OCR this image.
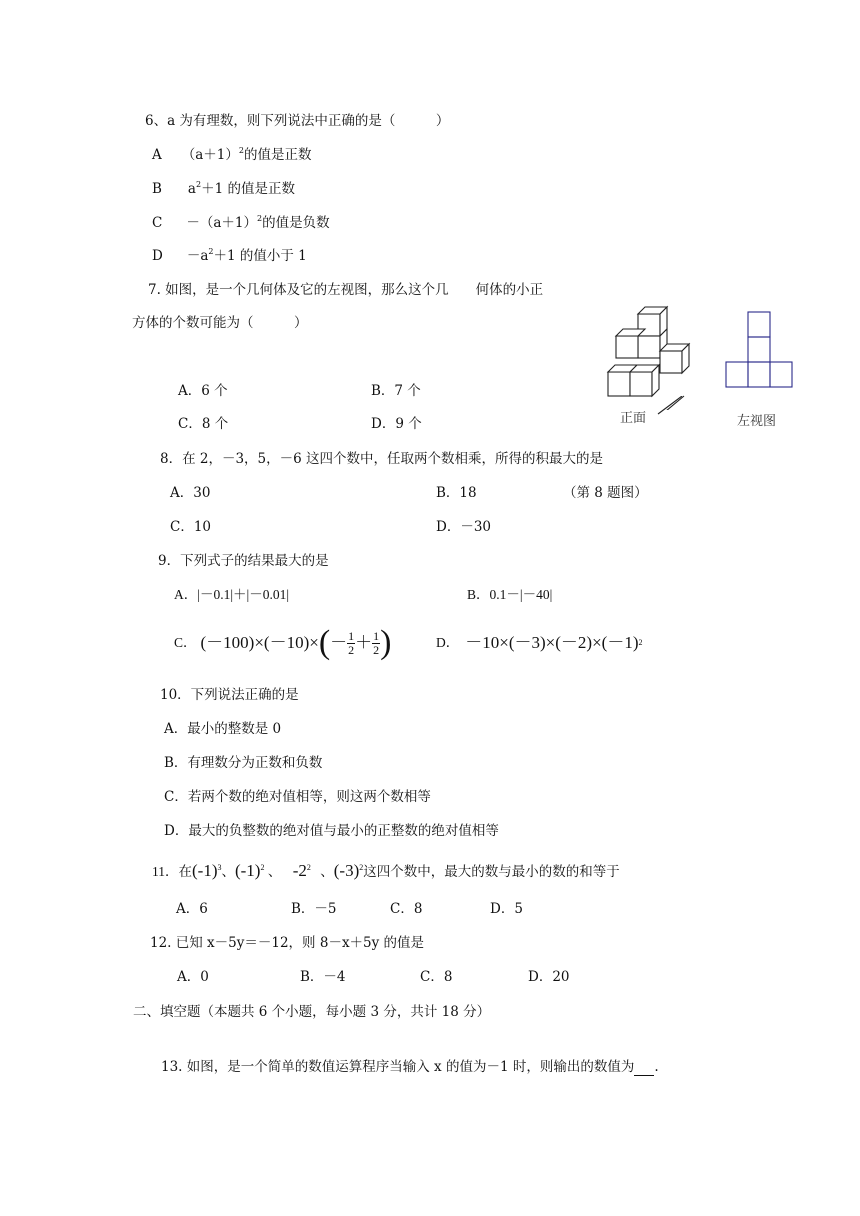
6、a 为有理数，则下列说法中正确的是（　　　）
A $(a+1)^2$的值是正数
B $a^2+1$ 的值是正数
$C -(a+1)^2$的值是负数
$D -a^2+1$ 的值小于 1
7. 如图，是一个几何体及它的左视图，那么这个几　　何体的小正
方体的个数可能为（　　　）
A．6 个	B．7 个
C．8 个	D．9 个	正面	左视图
8．在 2，－3，5，－6 这四个数中，任取两个数相乘，所得的积最大的是
A．30	B．18	（第 8 题图）
C．10	D．－30
9．下列式子的结果最大的是
A．|－0.1|＋|－0.01|	B．0.1－|－40|
C． (－100)×(－10)× ( － $\frac{1}{2} + \frac{1}{2}$ )	D． －10×(－3)×(－2)×(－1) 2
10．下列说法正确的是
A．最小的整数是 0
B．有理数分为正数和负数
C．若两个数的绝对值相等，则这两个数相等
D．最大的负整数的绝对值与最小的正整数的绝对值相等
11．在$(-1)^3$、$(-1)^2$ 、 $-2^2$ 、$(-3)^2$这四个数中，最大的数与最小的数的和等于
A．6	B．－5	C．8	D．5
12. 已知 x－5y＝－12，则 8－x＋5y 的值是
A．0	B．－4	C．8	D．20
二、填空题（本题共 6 个小题，每小题 3 分，共计 18 分）
13. 如图，是一个简单的数值运算程序当输入 x 的值为－1 时，则输出的数值为 .
